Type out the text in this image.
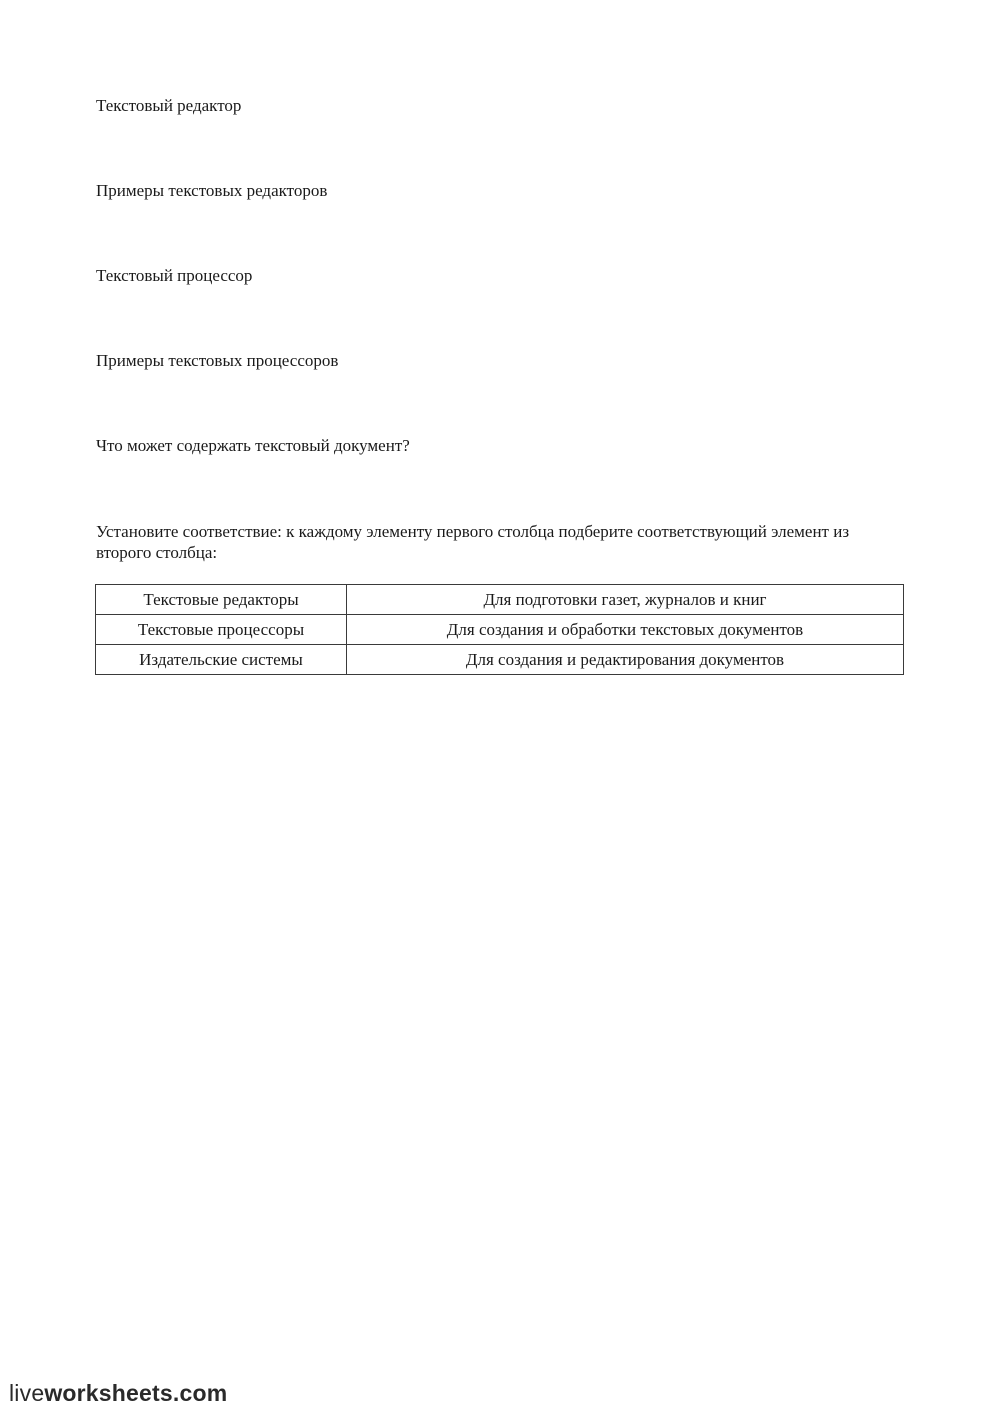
Текстовый редактор
Примеры текстовых редакторов
Текстовый процессор
Примеры текстовых процессоров
Что может содержать текстовый документ?
Установите соответствие: к каждому элементу первого столбца подберите соответствующий элемент из второго столбца:
Текстовые редакторы	Для подготовки газет, журналов и книг
Текстовые процессоры	Для создания и обработки текстовых документов
Издательские системы	Для создания и редактирования документов
liveworksheets.com
